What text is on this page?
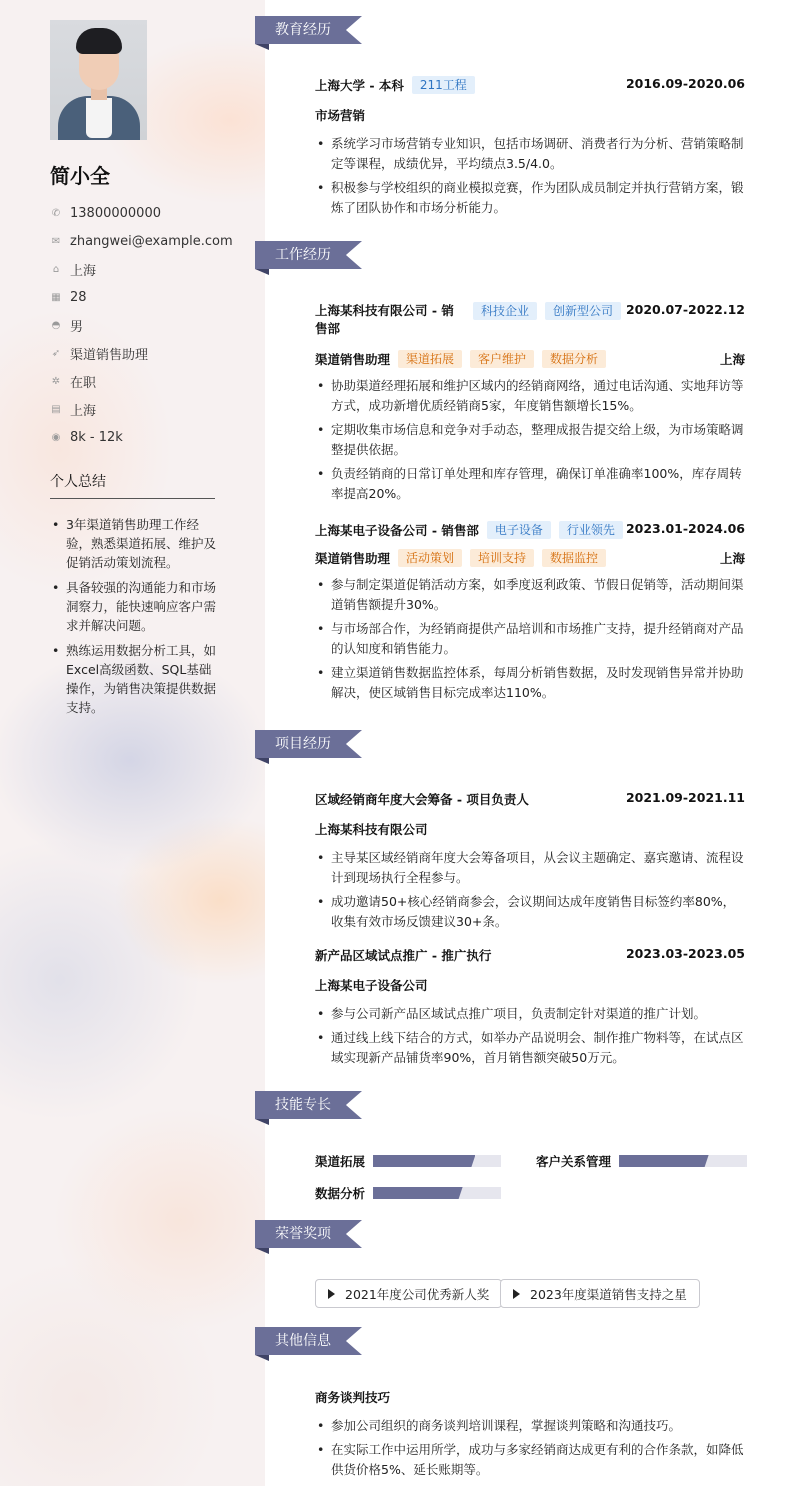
简小全
✆ 13800000000
✉ zhangwei@example.com
⌂ 上海
▦ 28
◓ 男
➶ 渠道销售助理
✲ 在职
▤ 上海
◉ 8k - 12k
个人总结
• 3年渠道销售助理工作经验，熟悉渠道拓展、维护及促销活动策划流程。
• 具备较强的沟通能力和市场洞察力，能快速响应客户需求并解决问题。
• 熟练运用数据分析工具，如Excel高级函数、SQL基础操作，为销售决策提供数据支持。
教育经历
上海大学 - 本科	211工程	2016.09-2020.06
市场营销
• 系统学习市场营销专业知识，包括市场调研、消费者行为分析、营销策略制定等课程，成绩优异，平均绩点3.5/4.0。
• 积极参与学校组织的商业模拟竞赛，作为团队成员制定并执行营销方案，锻炼了团队协作和市场分析能力。
工作经历
上海某科技有限公司 - 销售部
科技企业	创新型公司	2020.07-2022.12
渠道销售助理	渠道拓展	客户维护	数据分析	上海
• 协助渠道经理拓展和维护区域内的经销商网络，通过电话沟通、实地拜访等方式，成功新增优质经销商5家，年度销售额增长15%。
• 定期收集市场信息和竞争对手动态，整理成报告提交给上级，为市场策略调整提供依据。
• 负责经销商的日常订单处理和库存管理，确保订单准确率100%，库存周转率提高20%。
上海某电子设备公司 - 销售部	电子设备	行业领先 2023.01-2024.06
渠道销售助理	活动策划	培训支持	数据监控	上海
• 参与制定渠道促销活动方案，如季度返利政策、节假日促销等，活动期间渠道销售额提升30%。
• 与市场部合作，为经销商提供产品培训和市场推广支持，提升经销商对产品的认知度和销售能力。
• 建立渠道销售数据监控体系，每周分析销售数据，及时发现销售异常并协助解决，使区域销售目标完成率达110%。
项目经历
区域经销商年度大会筹备 - 项目负责人	2021.09-2021.11
上海某科技有限公司
• 主导某区域经销商年度大会筹备项目，从会议主题确定、嘉宾邀请、流程设计到现场执行全程参与。
• 成功邀请50+核心经销商参会，会议期间达成年度销售目标签约率80%，收集有效市场反馈建议30+条。
新产品区域试点推广 - 推广执行	2023.03-2023.05
上海某电子设备公司
• 参与公司新产品区域试点推广项目，负责制定针对渠道的推广计划。
• 通过线上线下结合的方式，如举办产品说明会、制作推广物料等，在试点区域实现新产品铺货率90%，首月销售额突破50万元。
技能专长
渠道拓展	客户关系管理
数据分析
荣誉奖项
2021年度公司优秀新人奖	2023年度渠道销售支持之星
其他信息
商务谈判技巧
• 参加公司组织的商务谈判培训课程，掌握谈判策略和沟通技巧。
• 在实际工作中运用所学，成功与多家经销商达成更有利的合作条款，如降低供货价格5%、延长账期等。
